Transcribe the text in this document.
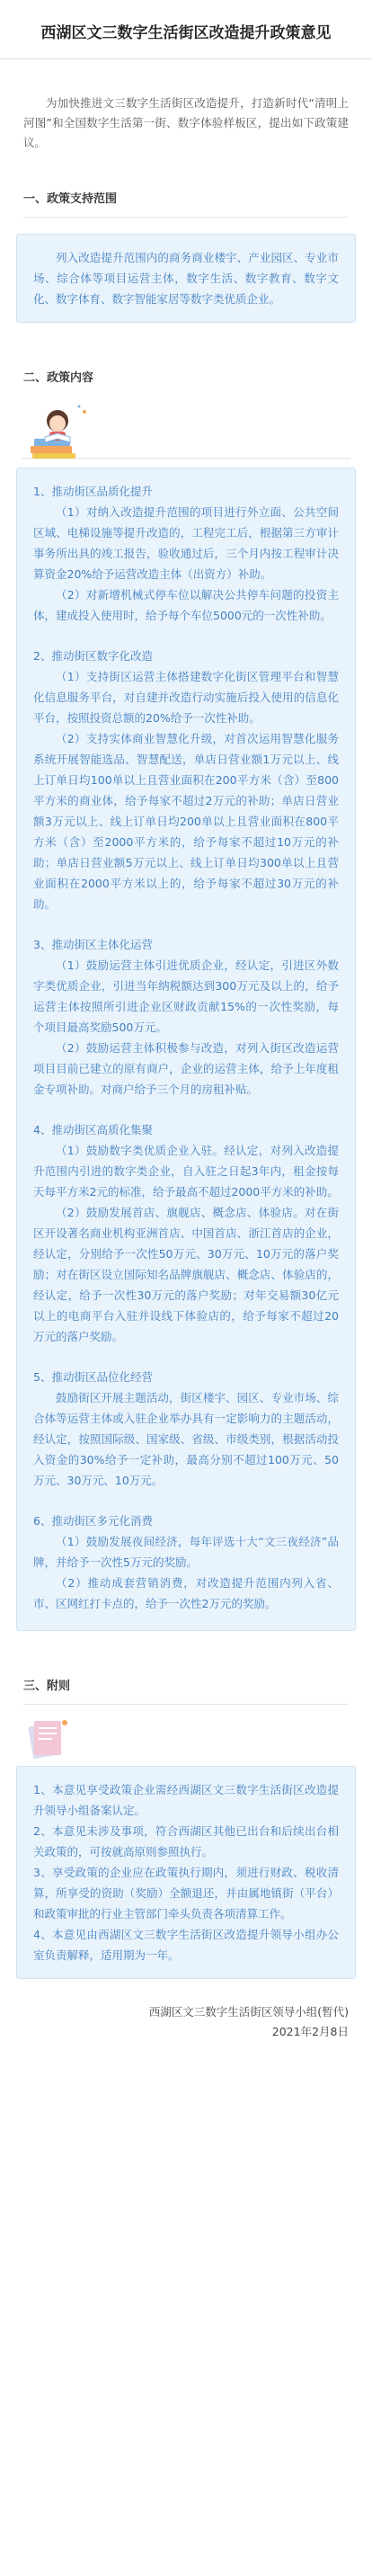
西湖区文三数字生活街区改造提升政策意见

为加快推进文三数字生活街区改造提升，打造新时代“清明上河图”和全国数字生活第一街、数字体验样板区，提出如下政策建议。

一、政策支持范围

列入改造提升范围内的商务商业楼宇、产业园区、专业市场、综合体等项目运营主体，数字生活、数字教育、数字文化、数字体育、数字智能家居等数字类优质企业。

二、政策内容

1、推动街区品质化提升

（1）对纳入改造提升范围的项目进行外立面、公共空间区域、电梯设施等提升改造的，工程完工后，根据第三方审计事务所出具的竣工报告，验收通过后，三个月内按工程审计决算资金20%给予运营改造主体（出资方）补助。

（2）对新增机械式停车位以解决公共停车问题的投资主体，建成投入使用时，给予每个车位5000元的一次性补助。

2、推动街区数字化改造

（1）支持街区运营主体搭建数字化街区管理平台和智慧化信息服务平台，对自建并改造行动实施后投入使用的信息化平台，按照投资总额的20%给予一次性补助。

（2）支持实体商业智慧化升级，对首次运用智慧化服务系统开展智能选品、智慧配送，单店日营业额1万元以上、线上订单日均100单以上且营业面积在200平方米（含）至800平方米的商业体，给予每家不超过2万元的补助；单店日营业额3万元以上、线上订单日均200单以上且营业面积在800平方米（含）至2000平方米的，给予每家不超过10万元的补助；单店日营业额5万元以上、线上订单日均300单以上且营业面积在2000平方米以上的，给予每家不超过30万元的补助。

3、推动街区主体化运营

（1）鼓励运营主体引进优质企业，经认定，引进区外数字类优质企业，引进当年纳税额达到300万元及以上的，给予运营主体按照所引进企业区财政贡献15%的一次性奖励，每个项目最高奖励500万元。

（2）鼓励运营主体积极参与改造，对列入街区改造运营项目目前已建立的原有商户，企业的运营主体，给予上年度租金专项补助。对商户给予三个月的房租补贴。

4、推动街区高质化集聚

（1）鼓励数字类优质企业入驻。经认定，对列入改造提升范围内引进的数字类企业，自入驻之日起3年内，租金按每天每平方米2元的标准，给予最高不超过2000平方米的补助。

（2）鼓励发展首店、旗舰店、概念店、体验店。对在街区开设著名商业机构亚洲首店、中国首店、浙江首店的企业，经认定，分别给予一次性50万元、30万元、10万元的落户奖励；对在街区设立国际知名品牌旗舰店、概念店、体验店的，经认定，给予一次性30万元的落户奖励；对年交易额30亿元以上的电商平台入驻并设线下体验店的，给予每家不超过20万元的落户奖励。

5、推动街区品位化经营

鼓励街区开展主题活动，街区楼宇、园区、专业市场、综合体等运营主体或入驻企业举办具有一定影响力的主题活动，经认定，按照国际级、国家级、省级、市级类别，根据活动投入资金的30%给予一定补助，最高分别不超过100万元、50万元、30万元、10万元。

6、推动街区多元化消费

（1）鼓励发展夜间经济，每年评选十大“文三夜经济”品牌，并给予一次性5万元的奖励。

（2）推动成套营销消费，对改造提升范围内列入省、市、区网红打卡点的，给予一次性2万元的奖励。

三、附则

1、本意见享受政策企业需经西湖区文三数字生活街区改造提升领导小组备案认定。

2、本意见未涉及事项，符合西湖区其他已出台和后续出台相关政策的，可按就高原则参照执行。

3、享受政策的企业应在政策执行期内，须进行财政、税收清算，所享受的资助（奖励）全额退还，并由属地镇街（平台）和政策审批的行业主管部门牵头负责各项清算工作。

4、本意见由西湖区文三数字生活街区改造提升领导小组办公室负责解释，适用期为一年。

西湖区文三数字生活街区领导小组(暂代)
2021年2月8日
